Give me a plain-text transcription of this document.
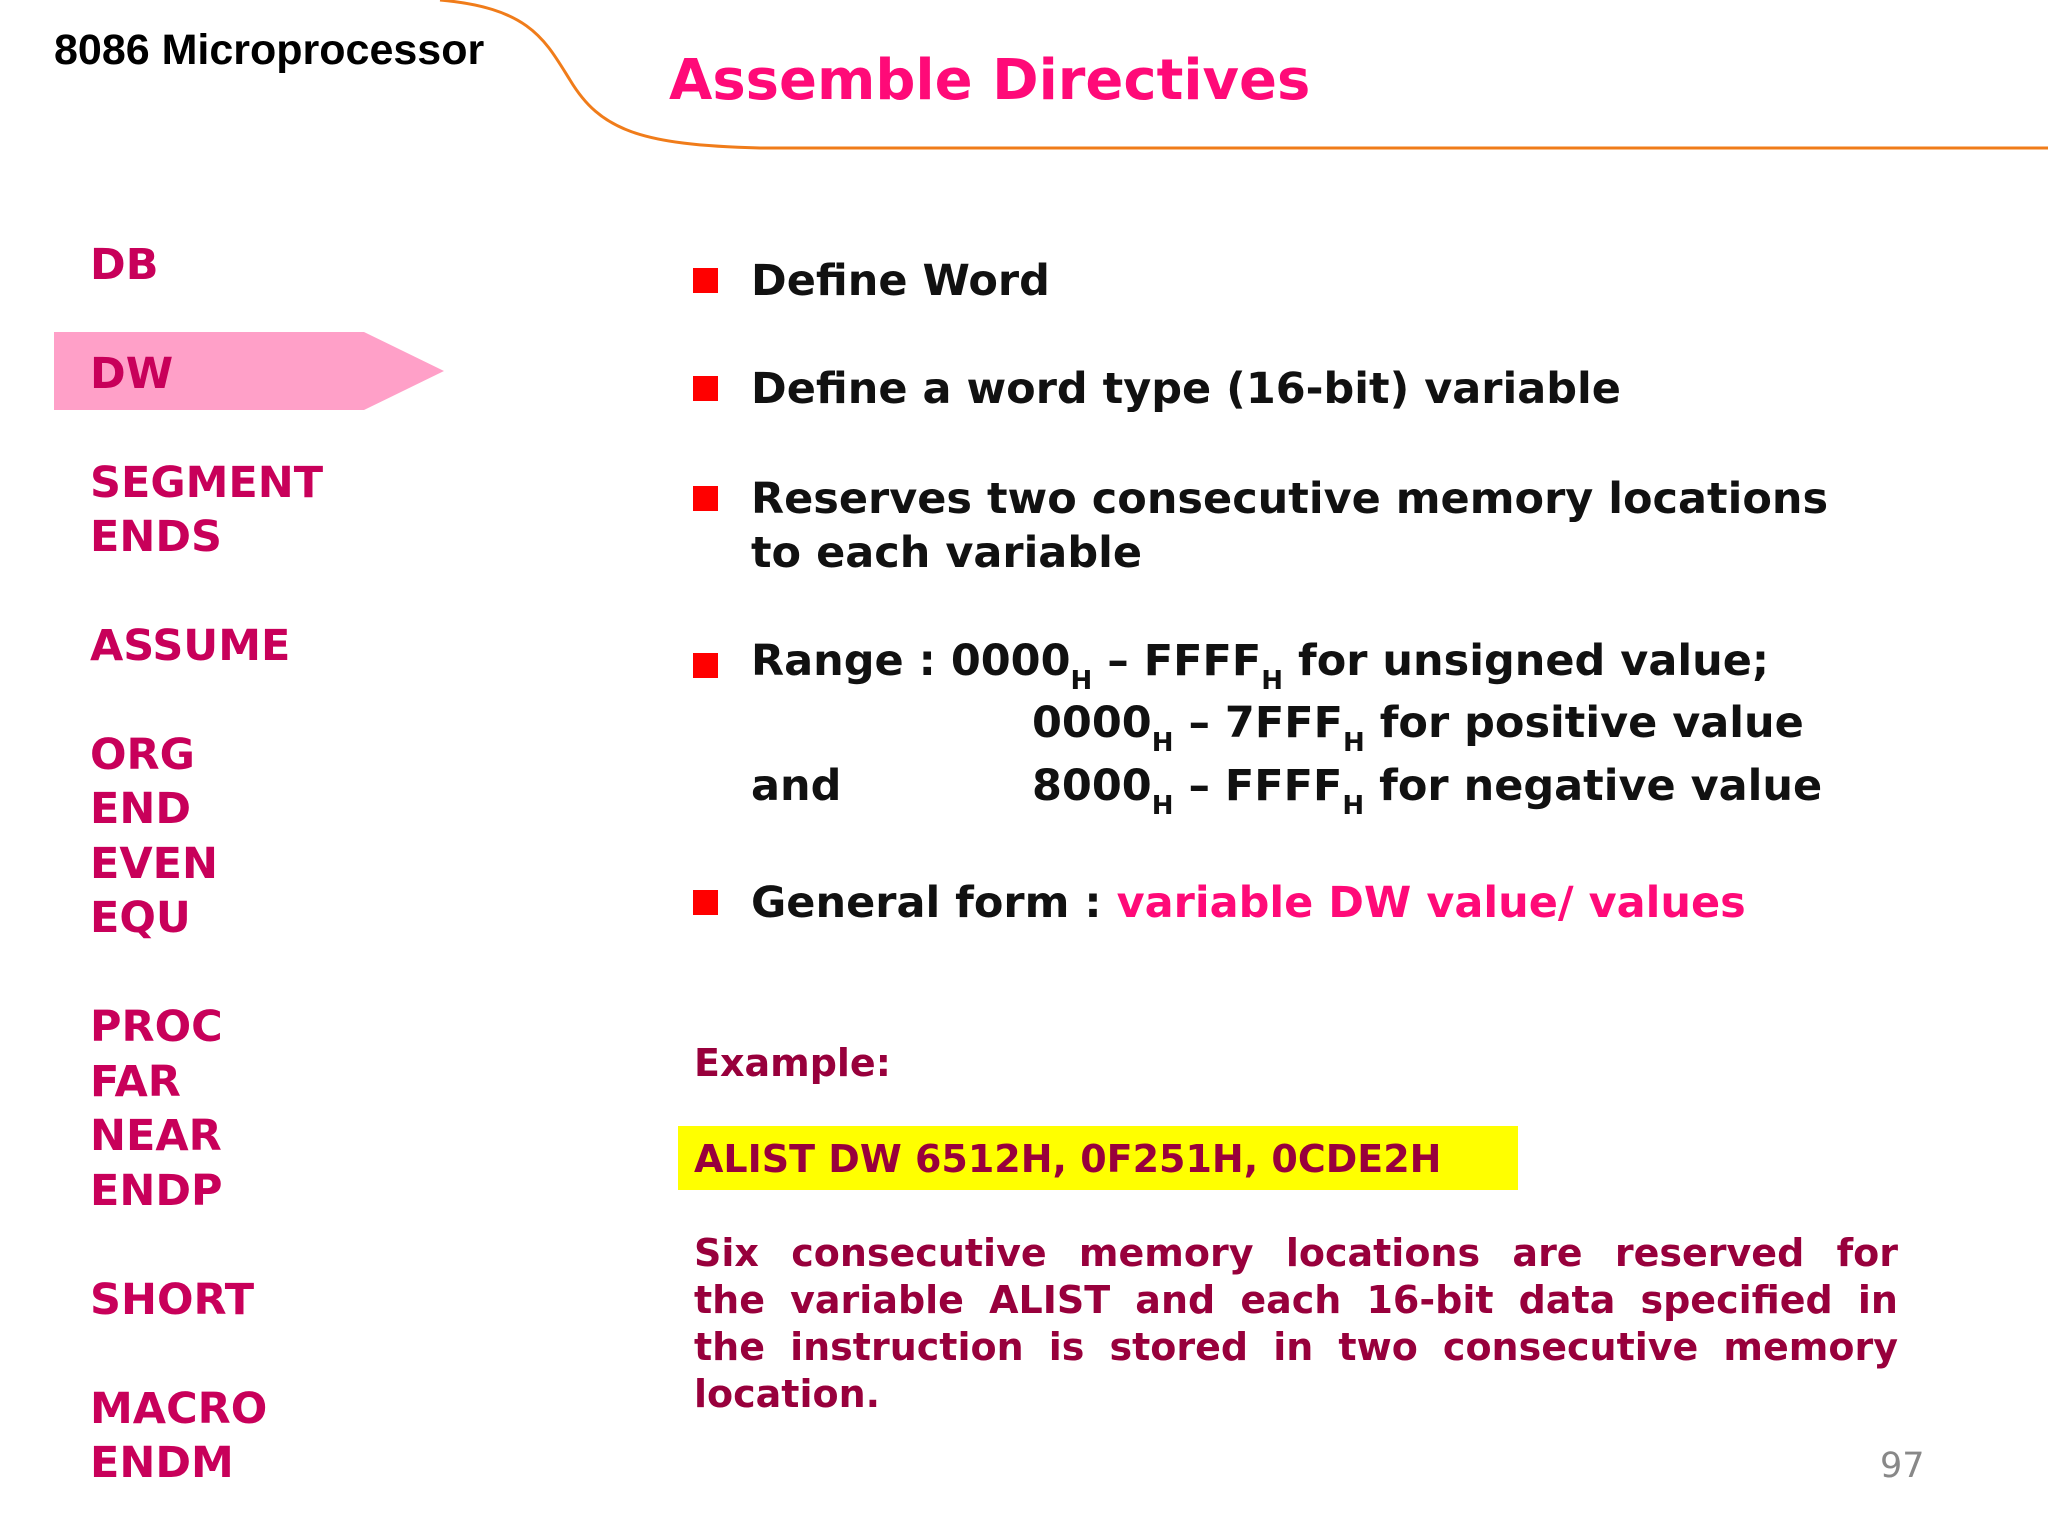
8086 Microprocessor	Assemble Directives
DB
DW
SEGMENT
ENDS
ASSUME
ORG
END
EVEN
EQU
PROC
FAR
NEAR
ENDP
SHORT
MACRO
ENDM
Define Word
Define a word type (16-bit) variable
Reserves two consecutive memory locations
to each variable
Range : $0000_H$ – $FFFF_H$ for unsigned value;
$0000_H - 7FFF_H$ for positive value
and	$8000_H$ – $FFFF_H$ for negative value
General form : variable DW value/ values
Example:
ALIST DW 6512H, 0F251H, 0CDE2H
Six consecutive memory locations are reserved for the variable ALIST and each 16-bit data specified in the instruction is stored in two consecutive memory location.
97
